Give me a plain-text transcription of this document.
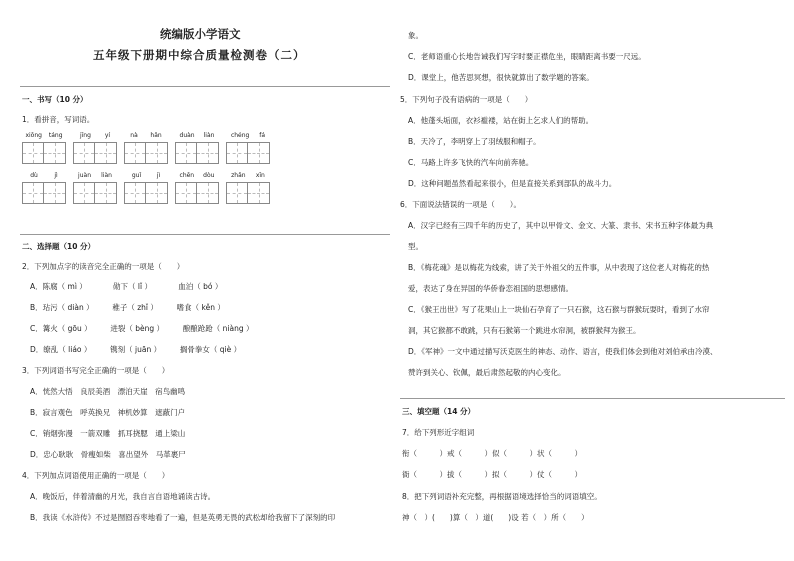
统编版小学语文
五年级下册期中综合质量检测卷（二）
一、书写（10 分）
1．看拼音，写词语。
xiōng táng	jīng yí	nà hǎn	duàn liàn	chéng fá
dù	jì	juàn liàn	guǐ	jì	chēn dòu	zhǎn xīn
二、选择题（10 分）
2．下列加点字的读音完全正确的一项是（　　）
A．陈腐（ mì ）　　　　勋下（ lǐ ）　　　　血泊（ bó ）
B．玷污（ diàn ）　　　稚子（ zhǐ ）　　　嗜食（ kěn ）
C．篝火（ gōu ）　　　进裂（ bèng ）　　　酿酿跄跄（ niàng ）
D．缭乱（ liáo ）　　　镌刻（ juān ）　　　搁骨拳女（ qiè ）
3．下列词语书写完全正确的一项是（　　）
A．恍然大悟　良辰美酒　漂泊天崖　宿鸟幽鸣
B．寂言观色　呼英换兄　神机妙算　遮蔽门户
C．销烟弥漫　一箭双雕　抓耳挠腮　通上梁山
D．忠心耿耿　骨瘦如柴　喜出望外　马革裹尸
4．下列加点词语使用正确的一项是（　　）
A．晚饭后，伴着清幽的月光，我自言自语地诵读古诗。
B．我读《水浒传》不过是囫囵吞枣地看了一遍，但是英勇无畏的武松却给我留下了深刻的印
象。
C．老师语重心长地告诫我们写字时要正襟危坐，眼睛距离书要一尺远。
D．课堂上，他苦思冥想，很快就算出了数学题的答案。
5．下列句子没有语病的一项是（　　）
A．他蓬头垢面，衣衫褴褛，站在街上乞求人们的帮助。
B．天冷了，李明穿上了羽绒服和帽子。
C．马路上许多飞快的汽车向前奔驰。
D．这种问题虽然看起来很小，但是直接关系到部队的战斗力。
6．下面说法错误的一项是（　　）。
A．汉字已经有三四千年的历史了，其中以甲骨文、金文、大篆、隶书、宋书五种字体最为典
型。
B．《梅花魂》是以梅花为线索，讲了关于外祖父的五件事，从中表现了这位老人对梅花的热
爱，表达了身在异国的华侨眷恋祖国的思想感情。
C．《猴王出世》写了花果山上一块仙石孕育了一只石猴，这石猴与群猴玩耍时，看到了水帘
洞，其它猴都不敢跳，只有石猴第一个跳进水帘洞，被群猴拜为猴王。
D．《军神》一文中通过描写沃克医生的神态、动作、语言，使我们体会到他对刘伯承由冷漠、
赞许到关心、钦佩，最后肃然起敬的内心变化。
三、填空题（14 分）
7．给下列形近字组词
衔（　　　）戒（　　　）似（　　　）状（　　　）
衙（　　　）拔（　　　）拟（　　　）仗（　　　）
8．把下列词语补充完整，再根据语境选择恰当的词语填空。
神（　）(　　)算（　）道(　　)设 若（　）所（　　）
